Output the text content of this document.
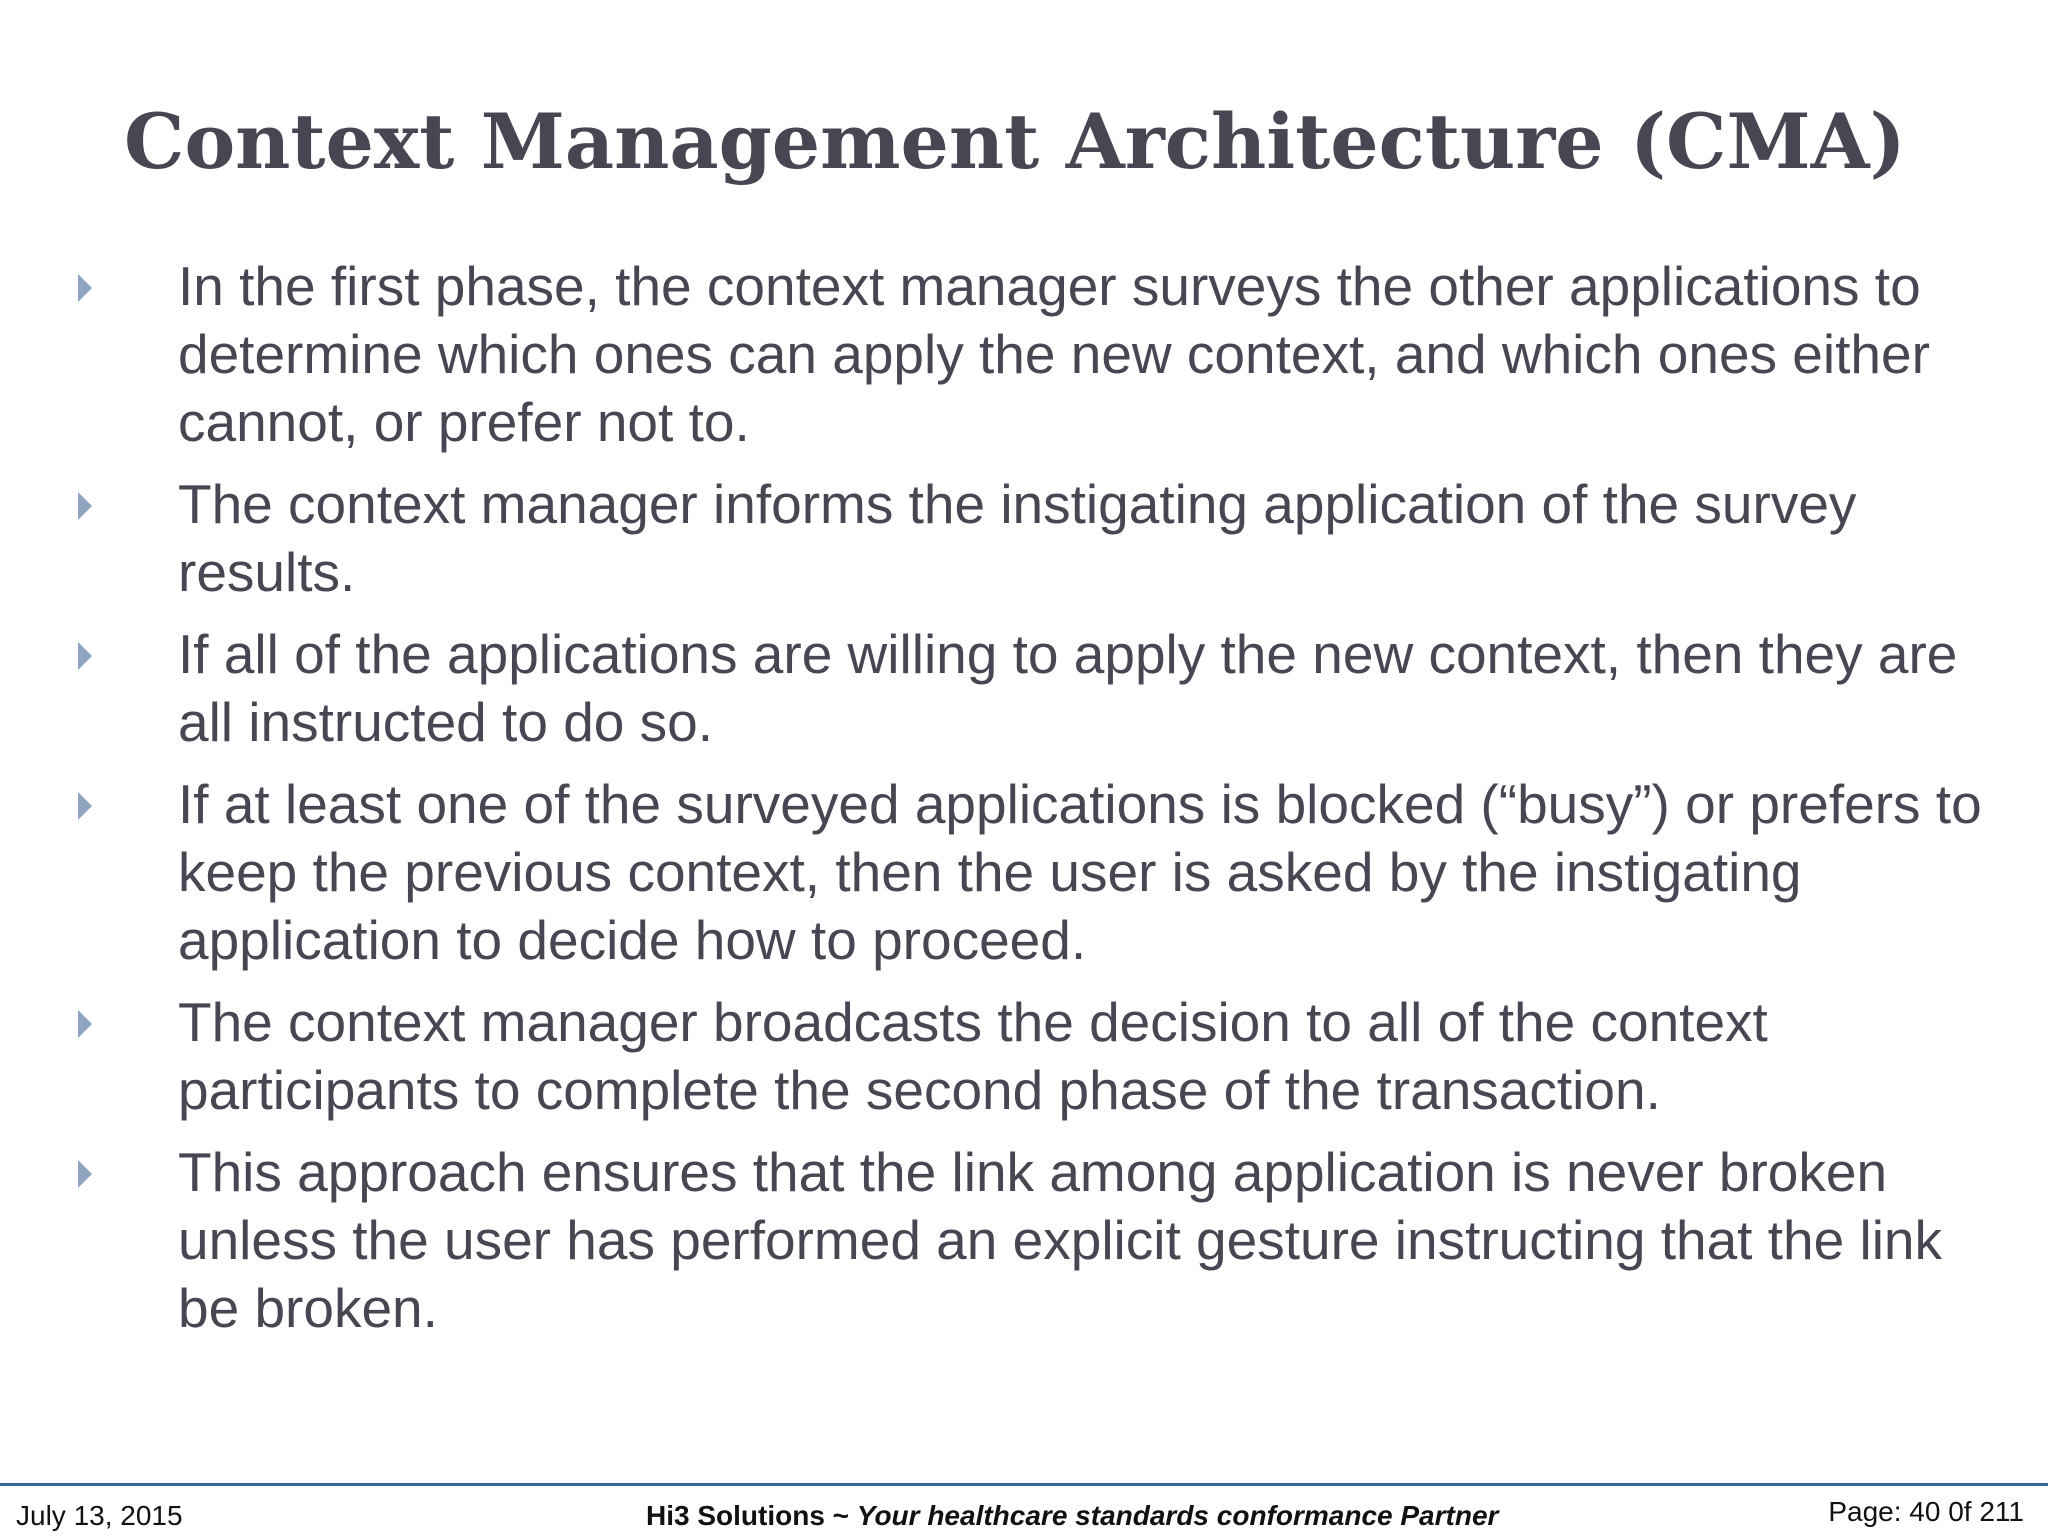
Context Management Architecture (CMA)
In the first phase, the context manager surveys the other applications to determine which ones can apply the new context, and which ones either cannot, or prefer not to.
The context manager informs the instigating application of the survey results.
If all of the applications are willing to apply the new context, then they are all instructed to do so.
If at least one of the surveyed applications is blocked (“busy”) or prefers to keep the previous context, then the user is asked by the instigating application to decide how to proceed.
The context manager broadcasts the decision to all of the context participants to complete the second phase of the transaction.
This approach ensures that the link among application is never broken unless the user has performed an explicit gesture instructing that the link be broken.
July 13, 2015	Hi3 Solutions ~ Your healthcare standards conformance Partner	Page: 40 0f 211
